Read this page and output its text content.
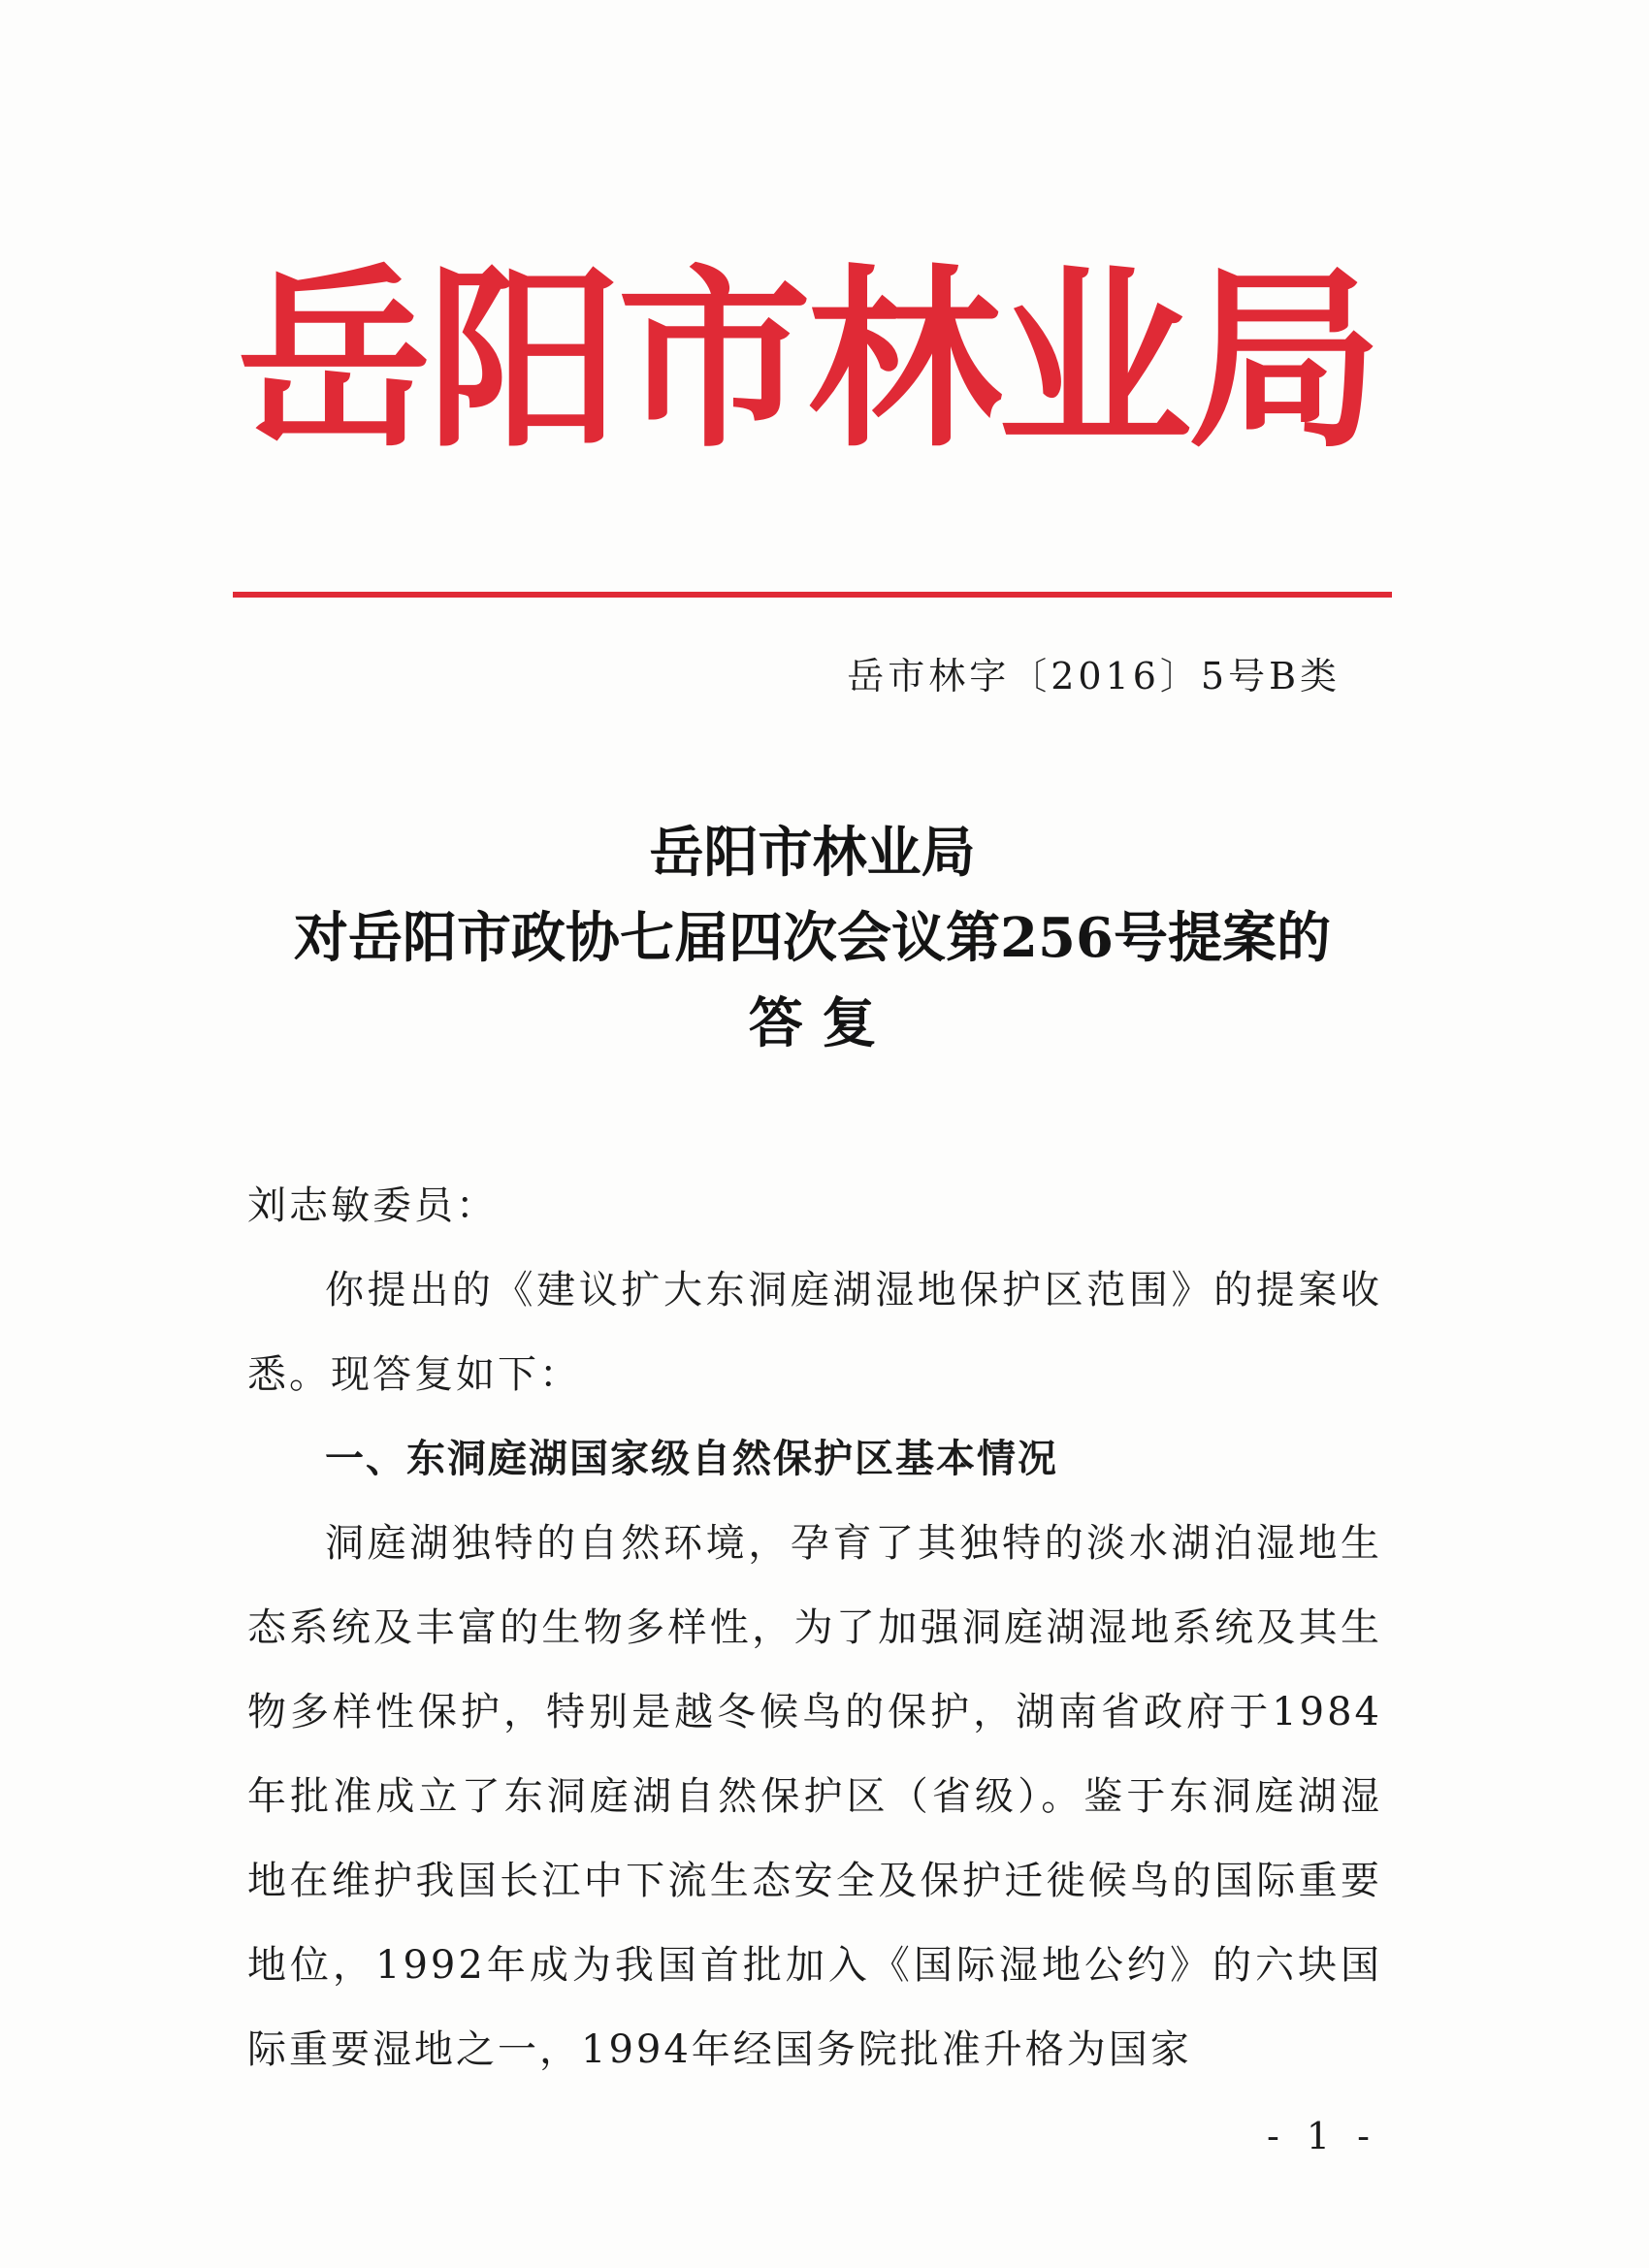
岳阳市林业局
岳市林字〔2016〕5号B类
岳阳市林业局
对岳阳市政协七届四次会议第256号提案的
答 复
刘志敏委员：

你提出的《建议扩大东洞庭湖湿地保护区范围》的提案收悉。现答复如下：

一、东洞庭湖国家级自然保护区基本情况

洞庭湖独特的自然环境，孕育了其独特的淡水湖泊湿地生态系统及丰富的生物多样性，为了加强洞庭湖湿地系统及其生物多样性保护，特别是越冬候鸟的保护，湖南省政府于1984年批准成立了东洞庭湖自然保护区（省级）。鉴于东洞庭湖湿地在维护我国长江中下流生态安全及保护迁徙候鸟的国际重要地位，1992年成为我国首批加入《国际湿地公约》的六块国际重要湿地之一，1994年经国务院批准升格为国家

- 1 -
